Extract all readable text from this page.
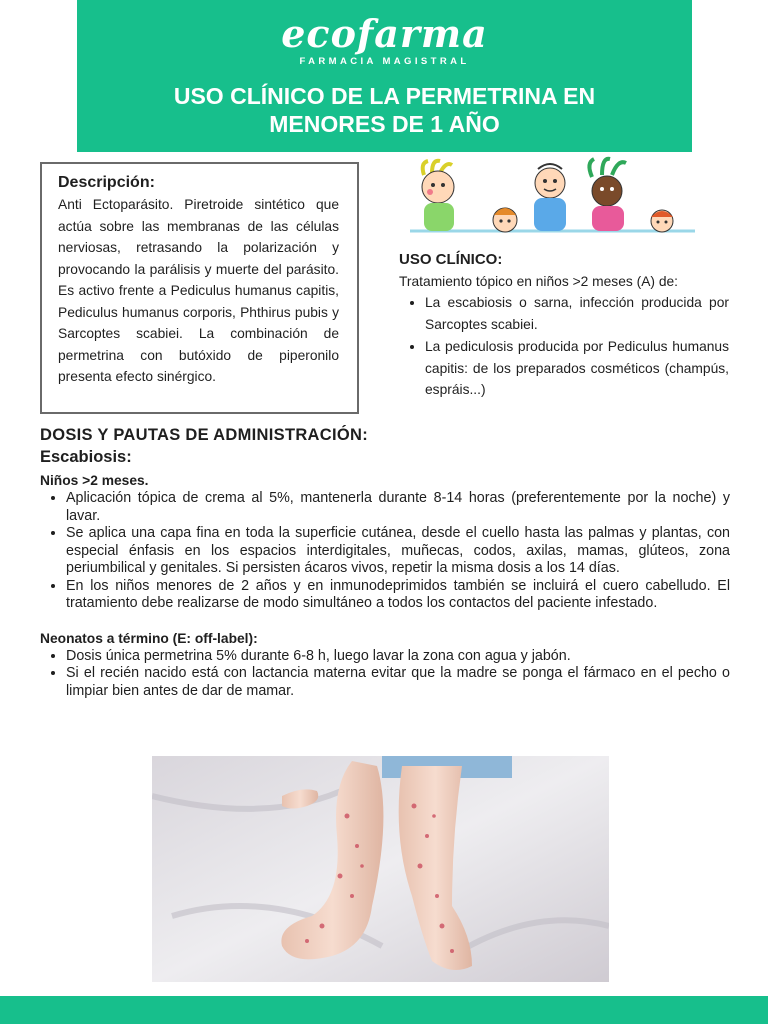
ecofarma
FARMACIA MAGISTRAL
USO CLÍNICO DE LA PERMETRINA EN
MENORES DE 1 AÑO
Descripción:

Anti Ectoparásito. Piretroide sintético que actúa sobre las membranas de las células nerviosas, retrasando la polarización y provocando la parálisis y muerte del parásito. Es activo frente a Pediculus humanus capitis, Pediculus humanus corporis, Phthirus pubis y Sarcoptes scabiei. La combinación de permetrina con butóxido de piperonilo presenta efecto sinérgico.

USO CLÍNICO:
Tratamiento tópico en niños >2 meses (A) de:
• La escabiosis o sarna, infección producida por Sarcoptes scabiei.
• La pediculosis producida por Pediculus humanus capitis: de los preparados cosméticos (champús, espráis...)
DOSIS Y PAUTAS DE ADMINISTRACIÓN:
Escabiosis:
Niños >2 meses.
• Aplicación tópica de crema al 5%, mantenerla durante 8-14 horas (preferentemente por la noche) y lavar.
• Se aplica una capa fina en toda la superficie cutánea, desde el cuello hasta las palmas y plantas, con especial énfasis en los espacios interdigitales, muñecas, codos, axilas, mamas, glúteos, zona periumbilical y genitales. Si persisten ácaros vivos, repetir la misma dosis a los 14 días.
• En los niños menores de 2 años y en inmunodeprimidos también se incluirá el cuero cabelludo. El tratamiento debe realizarse de modo simultáneo a todos los contactos del paciente infestado.
Neonatos a término (E: off-label):
• Dosis única permetrina 5% durante 6-8 h, luego lavar la zona con agua y jabón.
• Si el recién nacido está con lactancia materna evitar que la madre se ponga el fármaco en el pecho o limpiar bien antes de dar de mamar.
